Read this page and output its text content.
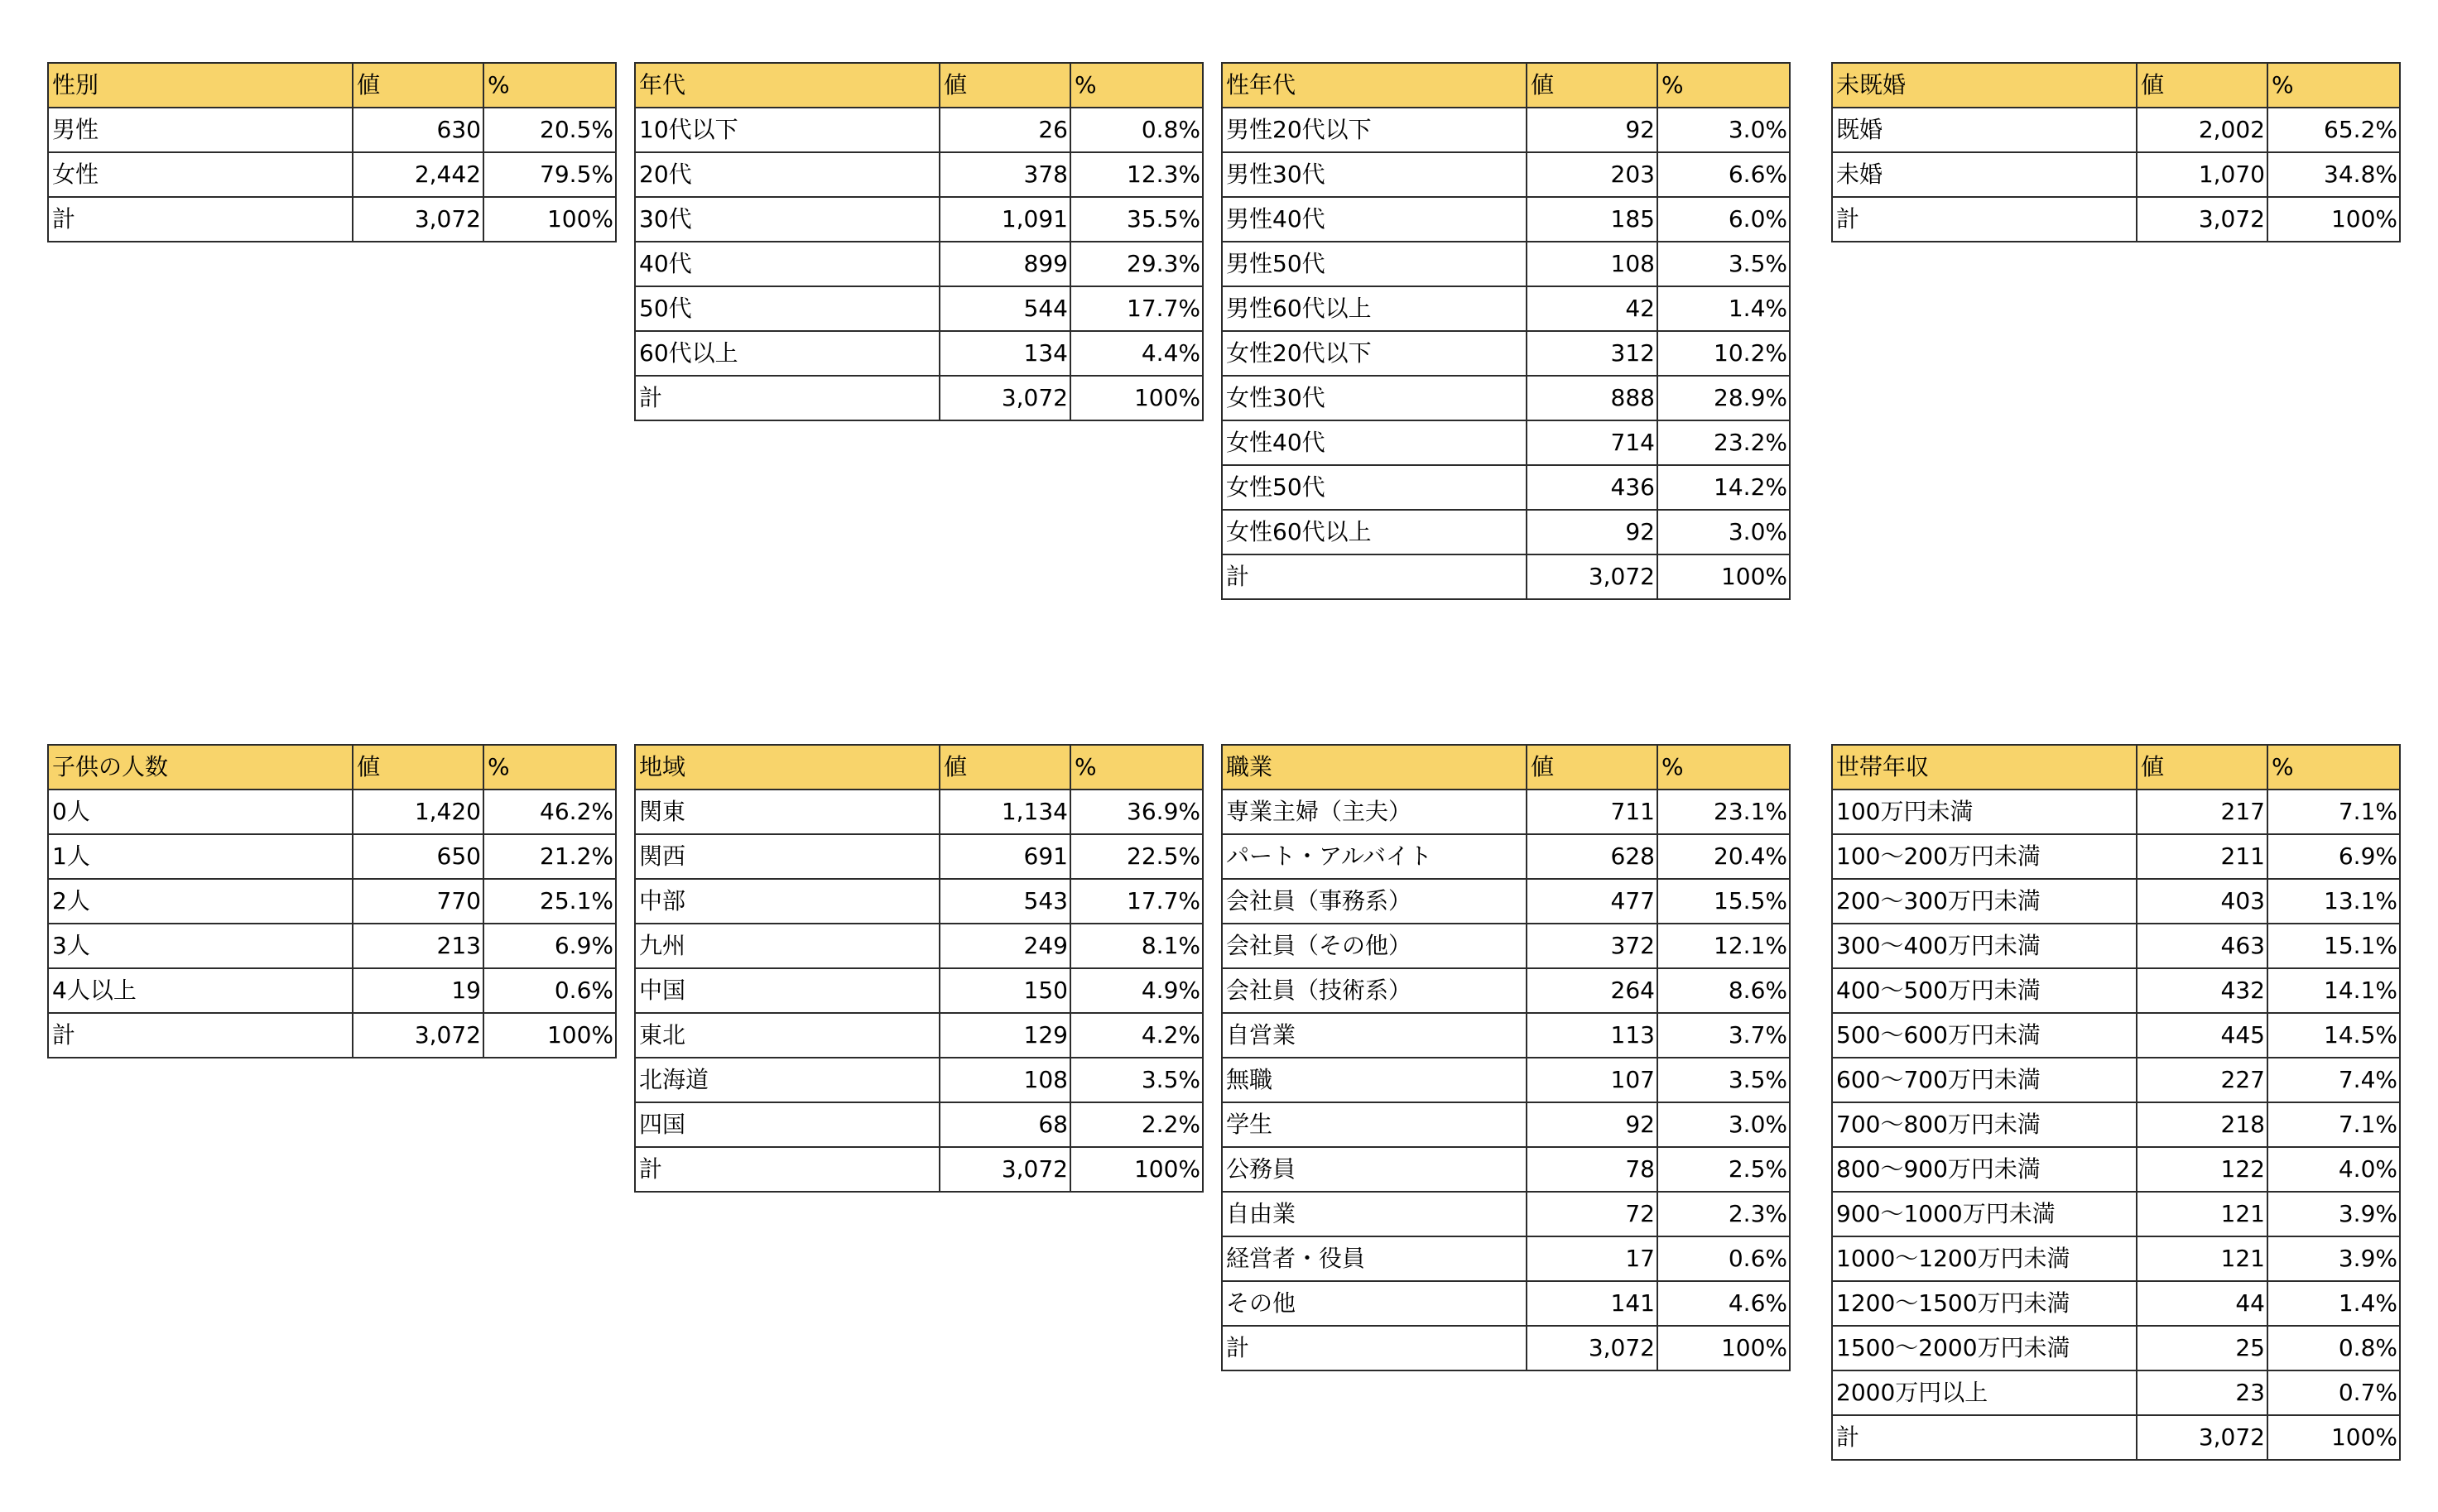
性別	値	%
男性	630	20.5%
女性	2,442	79.5%
計	3,072	100%
年代	値	%
10代以下	26	0.8%
20代	378	12.3%
30代	1,091	35.5%
40代	899	29.3%
50代	544	17.7%
60代以上	134	4.4%
計	3,072	100%
性年代	値	%
男性20代以下	92	3.0%
男性30代	203	6.6%
男性40代	185	6.0%
男性50代	108	3.5%
男性60代以上	42	1.4%
女性20代以下	312	10.2%
女性30代	888	28.9%
女性40代	714	23.2%
女性50代	436	14.2%
女性60代以上	92	3.0%
計	3,072	100%
未既婚	値	%
既婚	2,002	65.2%
未婚	1,070	34.8%
計	3,072	100%
子供の人数	値	%
0人	1,420	46.2%
1人	650	21.2%
2人	770	25.1%
3人	213	6.9%
4人以上	19	0.6%
計	3,072	100%
地域	値	%
関東	1,134	36.9%
関西	691	22.5%
中部	543	17.7%
九州	249	8.1%
中国	150	4.9%
東北	129	4.2%
北海道	108	3.5%
四国	68	2.2%
計	3,072	100%
職業	値	%
専業主婦（主夫）	711	23.1%
パート・アルバイト	628	20.4%
会社員（事務系）	477	15.5%
会社員（その他）	372	12.1%
会社員（技術系）	264	8.6%
自営業	113	3.7%
無職	107	3.5%
学生	92	3.0%
公務員	78	2.5%
自由業	72	2.3%
経営者・役員	17	0.6%
その他	141	4.6%
計	3,072	100%
世帯年収	値	%
100万円未満	217	7.1%
100～200万円未満	211	6.9%
200～300万円未満	403	13.1%
300～400万円未満	463	15.1%
400～500万円未満	432	14.1%
500～600万円未満	445	14.5%
600～700万円未満	227	7.4%
700～800万円未満	218	7.1%
800～900万円未満	122	4.0%
900～1000万円未満	121	3.9%
1000～1200万円未満	121	3.9%
1200～1500万円未満	44	1.4%
1500～2000万円未満	25	0.8%
2000万円以上	23	0.7%
計	3,072	100%
